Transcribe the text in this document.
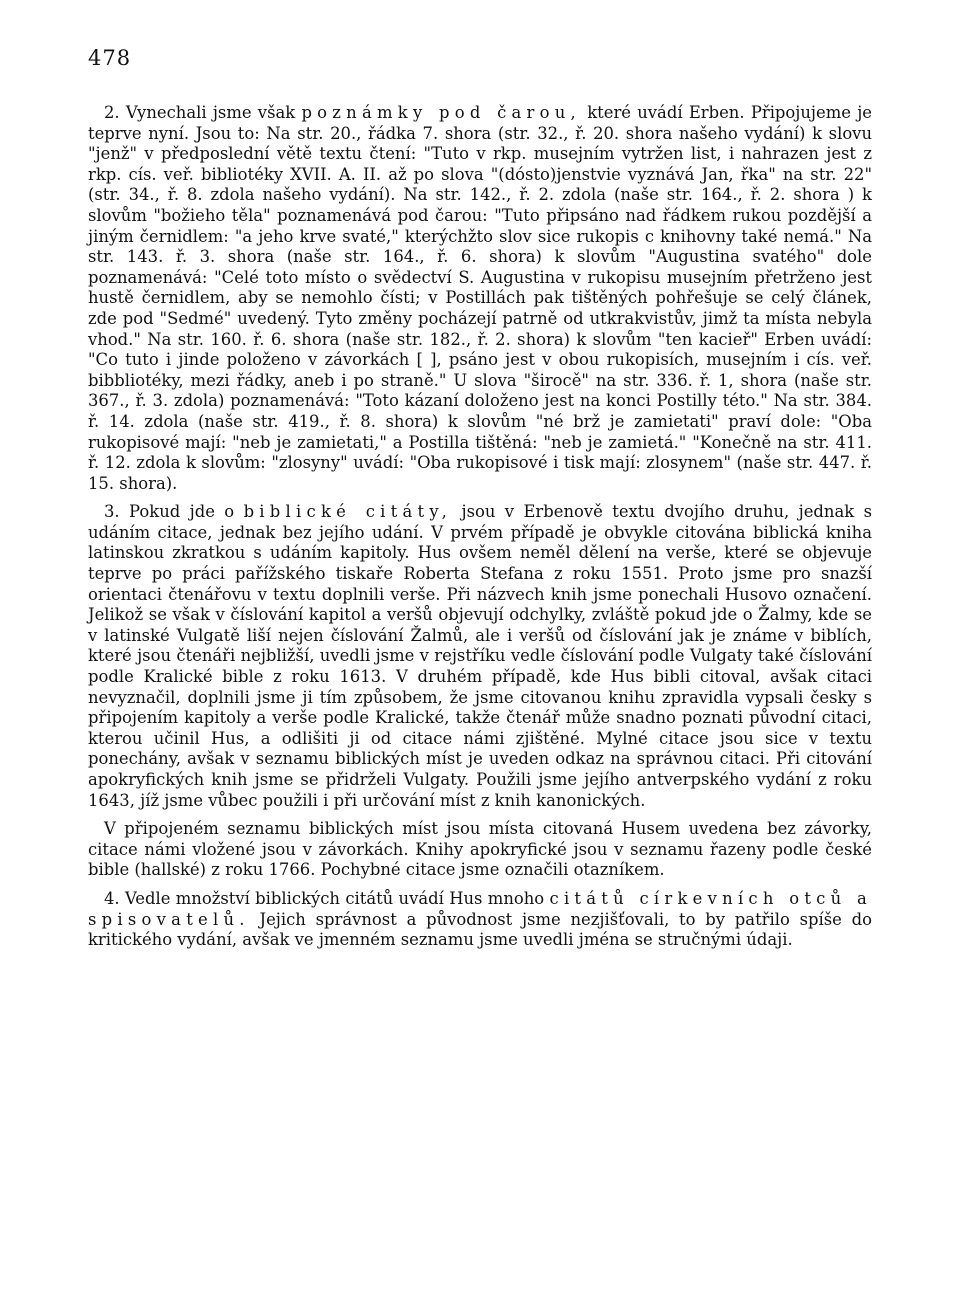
478

2. Vynechali jsme však poznámky pod čarou, které uvádí Erben. Připojujeme je teprve nyní. Jsou to: Na str. 20., řádka 7. shora (str. 32., ř. 20. shora našeho vydání) k slovu "jenž" v předposlední větě textu čtení: "Tuto v rkp. musejním vytržen list, i nahrazen jest z rkp. cís. veř. bibliotéky XVII. A. II. až po slova "(dósto)jenstvie vyznává Jan, řka" na str. 22" (str. 34., ř. 8. zdola našeho vydání). Na str. 142., ř. 2. zdola (naše str. 164., ř. 2. shora ) k slovům "božieho těla" poznamenává pod čarou: "Tuto připsáno nad řádkem rukou pozdější a jiným černidlem: "a jeho krve svaté," kterýchžto slov sice rukopis c knihovny také nemá." Na str. 143. ř. 3. shora (naše str. 164., ř. 6. shora) k slovům "Augustina svatého" dole poznamenává: "Celé toto místo o svědectví S. Augustina v rukopisu musejním přetrženo jest hustě černidlem, aby se nemohlo čísti; v Postillách pak tištěných pohřešuje se celý článek, zde pod "Sedmé" uvedený. Tyto změny pocházejí patrně od utkrakvistův, jimž ta místa nebyla vhod." Na str. 160. ř. 6. shora (naše str. 182., ř. 2. shora) k slovům "ten kacieř" Erben uvádí: "Co tuto i jinde položeno v závorkách [ ], psáno jest v obou rukopisích, musejním i cís. veř. bibbliotéky, mezi řádky, aneb i po straně." U slova "širocě" na str. 336. ř. 1, shora (naše str. 367., ř. 3. zdola) poznamenává: "Toto kázaní doloženo jest na konci Postilly této." Na str. 384. ř. 14. zdola (naše str. 419., ř. 8. shora) k slovům "né brž je zamietati" praví dole: "Oba rukopisové mají: "neb je zamietati," a Postilla tištěná: "neb je zamietá." "Konečně na str. 411. ř. 12. zdola k slovům: "zlosyny" uvádí: "Oba rukopisové i tisk mají: zlosynem" (naše str. 447. ř. 15. shora).

3. Pokud jde o biblické citáty, jsou v Erbenově textu dvojího druhu, jednak s udáním citace, jednak bez jejího udání. V prvém případě je obvykle citována biblická kniha latinskou zkratkou s udáním kapitoly. Hus ovšem neměl dělení na verše, které se objevuje teprve po práci pařížského tiskaře Roberta Stefana z roku 1551. Proto jsme pro snazší orientaci čtenářovu v textu doplnili verše. Při názvech knih jsme ponechali Husovo označení. Jelikož se však v číslování kapitol a veršů objevují odchylky, zvláště pokud jde o Žalmy, kde se v latinské Vulgatě liší nejen číslování Žalmů, ale i veršů od číslování jak je známe v biblích, které jsou čtenáři nejbližší, uvedli jsme v rejstříku vedle číslování podle Vulgaty také číslování podle Kralické bible z roku 1613. V druhém případě, kde Hus bibli citoval, avšak citaci nevyznačil, doplnili jsme ji tím způsobem, že jsme citovanou knihu zpravidla vypsali česky s připojením kapitoly a verše podle Kralické, takže čtenář může snadno poznati původní citaci, kterou učinil Hus, a odlišiti ji od citace námi zjištěné. Mylné citace jsou sice v textu ponechány, avšak v seznamu biblických míst je uveden odkaz na správnou citaci. Při citování apokryfických knih jsme se přidrželi Vulgaty. Použili jsme jejího antverpského vydání z roku 1643, jíž jsme vůbec použili i při určování míst z knih kanonických.

V připojeném seznamu biblických míst jsou místa citovaná Husem uvedena bez závorky, citace námi vložené jsou v závorkách. Knihy apokryfické jsou v seznamu řazeny podle české bible (hallské) z roku 1766. Pochybné citace jsme označili otazníkem.

4. Vedle množství biblických citátů uvádí Hus mnoho citátů církevních otců a spisovatelů. Jejich správnost a původnost jsme nezjišťovali, to by patřilo spíše do kritického vydání, avšak ve jmenném seznamu jsme uvedli jména se stručnými údaji.
